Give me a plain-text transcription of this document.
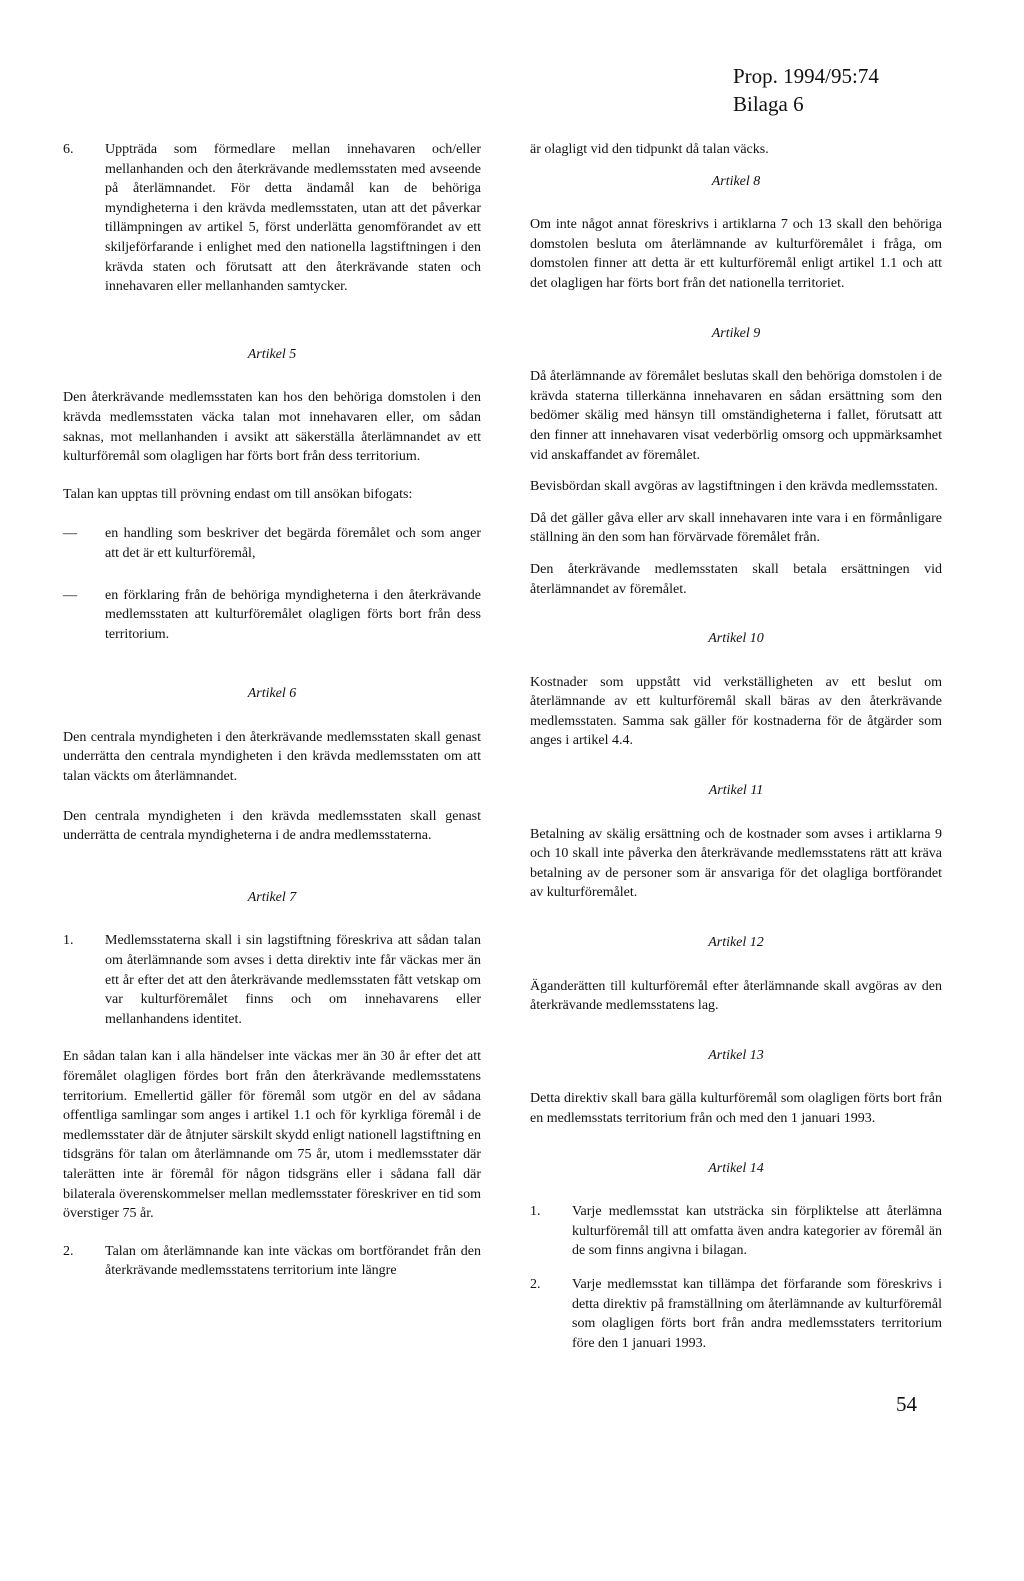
Prop. 1994/95:74
Bilaga 6
6.	Uppträda som förmedlare mellan innehavaren och/eller mellanhanden och den återkrävande medlemsstaten med avseende på återlämnandet. För detta ändamål kan de behöriga myndigheterna i den krävda medlemsstaten, utan att det påverkar tillämpningen av artikel 5, först underlätta genomförandet av ett skiljeförfarande i enlighet med den nationella lagstiftningen i den krävda staten och förutsatt att den återkrävande staten och innehavaren eller mellanhanden samtycker.
Artikel 5

Den återkrävande medlemsstaten kan hos den behöriga domstolen i den krävda medlemsstaten väcka talan mot innehavaren eller, om sådan saknas, mot mellanhanden i avsikt att säkerställa återlämnandet av ett kulturföremål som olagligen har förts bort från dess territorium.

Talan kan upptas till prövning endast om till ansökan bifogats:

—	en handling som beskriver det begärda föremålet och som anger att det är ett kulturföremål,
—	en förklaring från de behöriga myndigheterna i den återkrävande medlemsstaten att kulturföremålet olagligen förts bort från dess territorium.
Artikel 6

Den centrala myndigheten i den återkrävande medlemsstaten skall genast underrätta den centrala myndigheten i den krävda medlemsstaten om att talan väckts om återlämnandet.

Den centrala myndigheten i den krävda medlemsstaten skall genast underrätta de centrala myndigheterna i de andra medlemsstaterna.

Artikel 7
1.	Medlemsstaterna skall i sin lagstiftning föreskriva att sådan talan om återlämnande som avses i detta direktiv inte får väckas mer än ett år efter det att den återkrävande medlemsstaten fått vetskap om var kulturföremålet finns och om innehavarens eller mellanhandens identitet.

En sådan talan kan i alla händelser inte väckas mer än 30 år efter det att föremålet olagligen fördes bort från den återkrävande medlemsstatens territorium. Emellertid gäller för föremål som utgör en del av sådana offentliga samlingar som anges i artikel 1.1 och för kyrkliga föremål i de medlemsstater där de åtnjuter särskilt skydd enligt nationell lagstiftning en tidsgräns för talan om återlämnande om 75 år, utom i medlemsstater där talerätten inte är föremål för någon tidsgräns eller i sådana fall där bilaterala överenskommelser mellan medlemsstater föreskriver en tid som överstiger 75 år.

2.	Talan om återlämnande kan inte väckas om bortförandet från den återkrävande medlemsstatens territorium inte längre

är olagligt vid den tidpunkt då talan väcks.

Artikel 8

Om inte något annat föreskrivs i artiklarna 7 och 13 skall den behöriga domstolen besluta om återlämnande av kulturföremålet i fråga, om domstolen finner att detta är ett kulturföremål enligt artikel 1.1 och att det olagligen har förts bort från det nationella territoriet.

Artikel 9

Då återlämnande av föremålet beslutas skall den behöriga domstolen i de krävda staterna tillerkänna innehavaren en sådan ersättning som den bedömer skälig med hänsyn till omständigheterna i fallet, förutsatt att den finner att innehavaren visat vederbörlig omsorg och uppmärksamhet vid anskaffandet av föremålet.

Bevisbördan skall avgöras av lagstiftningen i den krävda medlemsstaten.

Då det gäller gåva eller arv skall innehavaren inte vara i en förmånligare ställning än den som han förvärvade föremålet från.

Den återkrävande medlemsstaten skall betala ersättningen vid återlämnandet av föremålet.

Artikel 10

Kostnader som uppstått vid verkställigheten av ett beslut om återlämnande av ett kulturföremål skall bäras av den återkrävande medlemsstaten. Samma sak gäller för kostnaderna för de åtgärder som anges i artikel 4.4.

Artikel 11

Betalning av skälig ersättning och de kostnader som avses i artiklarna 9 och 10 skall inte påverka den återkrävande medlemsstatens rätt att kräva betalning av de personer som är ansvariga för det olagliga bortförandet av kulturföremålet.

Artikel 12

Äganderätten till kulturföremål efter återlämnande skall avgöras av den återkrävande medlemsstatens lag.

Artikel 13

Detta direktiv skall bara gälla kulturföremål som olagligen förts bort från en medlemsstats territorium från och med den 1 januari 1993.

Artikel 14
1.	Varje medlemsstat kan utsträcka sin förpliktelse att återlämna kulturföremål till att omfatta även andra kategorier av föremål än de som finns angivna i bilagan.
2.	Varje medlemsstat kan tillämpa det förfarande som föreskrivs i detta direktiv på framställning om återlämnande av kulturföremål som olagligen förts bort från andra medlemsstaters territorium före den 1 januari 1993.
54
